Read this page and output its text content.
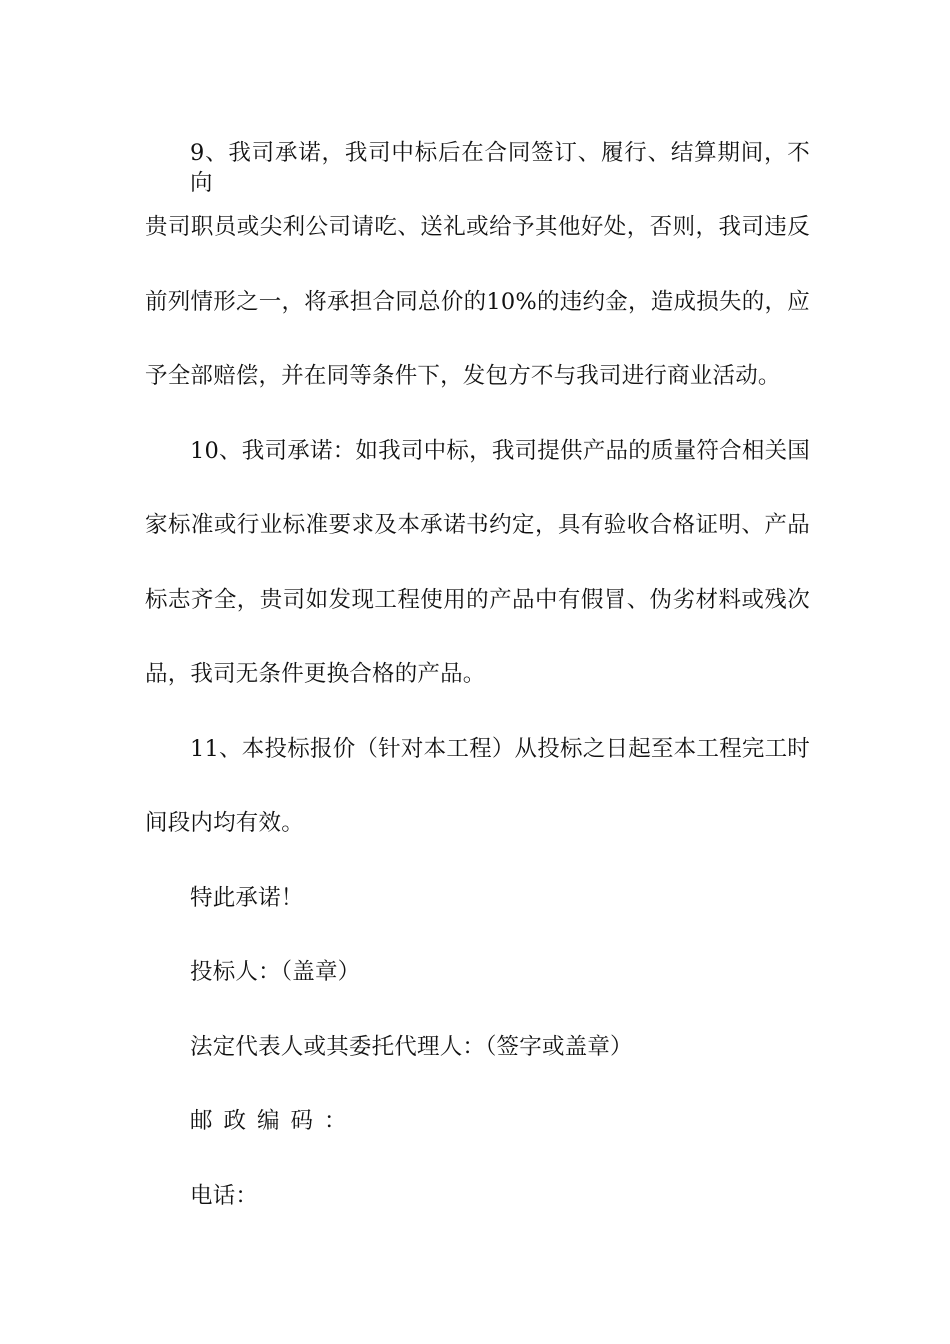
9、我司承诺，我司中标后在合同签订、履行、结算期间，不向
贵司职员或尖利公司请吃、送礼或给予其他好处，否则，我司违反
前列情形之一，将承担合同总价的10%的违约金，造成损失的，应
予全部赔偿，并在同等条件下，发包方不与我司进行商业活动。
10、我司承诺：如我司中标，我司提供产品的质量符合相关国
家标准或行业标准要求及本承诺书约定，具有验收合格证明、产品
标志齐全，贵司如发现工程使用的产品中有假冒、伪劣材料或残次
品，我司无条件更换合格的产品。
11、本投标报价（针对本工程）从投标之日起至本工程完工时
间段内均有效。
特此承诺！
投标人：（盖章）
法定代表人或其委托代理人：（签字或盖章）
邮政编码：
电话：
